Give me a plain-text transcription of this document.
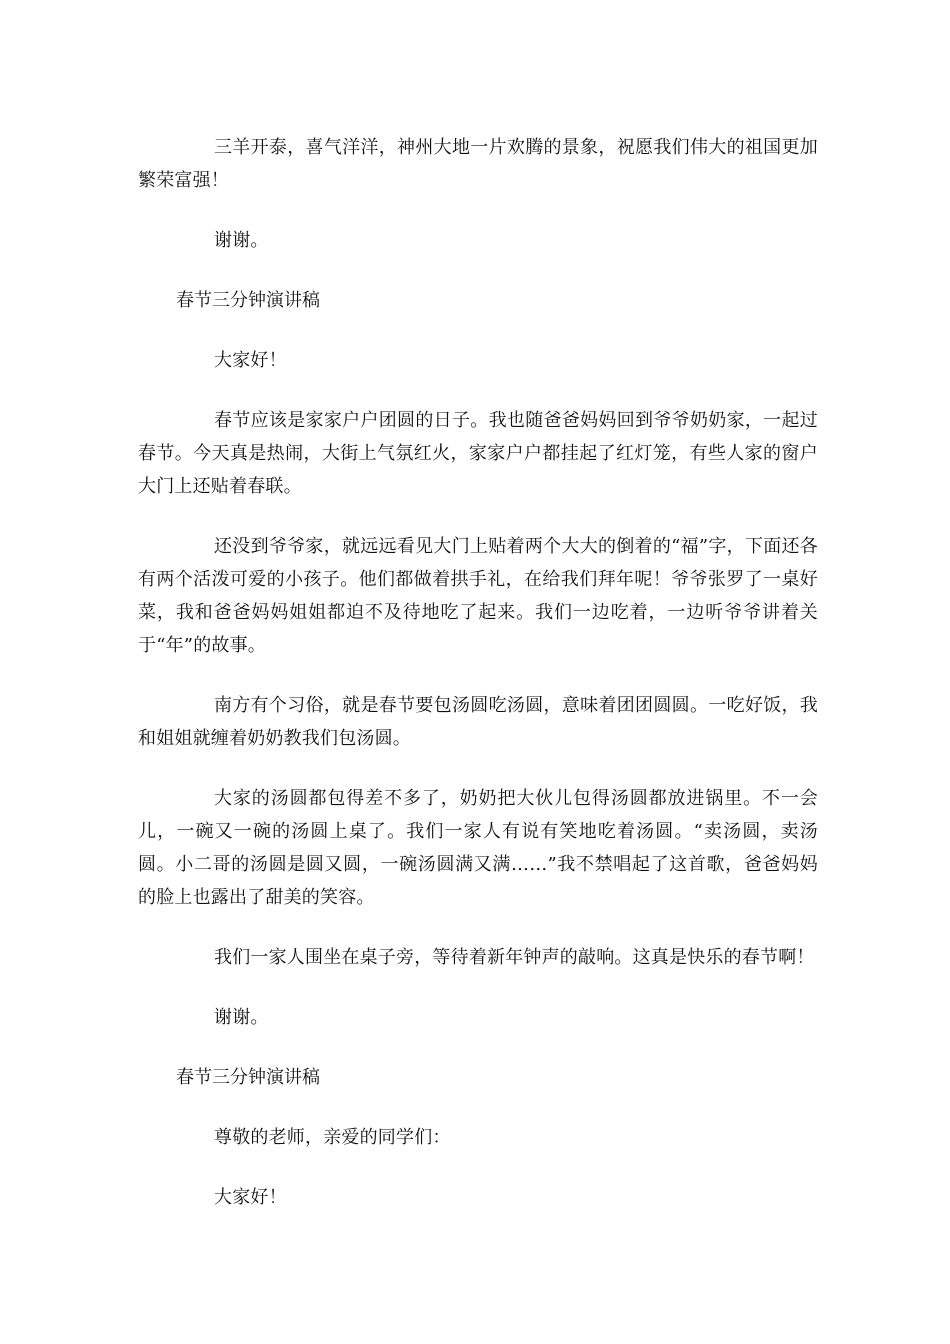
三羊开泰，喜气洋洋，神州大地一片欢腾的景象，祝愿我们伟大的祖国更加繁荣富强！

谢谢。

春节三分钟演讲稿

大家好！

春节应该是家家户户团圆的日子。我也随爸爸妈妈回到爷爷奶奶家，一起过春节。今天真是热闹，大街上气氛红火，家家户户都挂起了红灯笼，有些人家的窗户大门上还贴着春联。

还没到爷爷家，就远远看见大门上贴着两个大大的倒着的“福”字，下面还各有两个活泼可爱的小孩子。他们都做着拱手礼，在给我们拜年呢！爷爷张罗了一桌好菜，我和爸爸妈妈姐姐都迫不及待地吃了起来。我们一边吃着，一边听爷爷讲着关于“年”的故事。

南方有个习俗，就是春节要包汤圆吃汤圆，意味着团团圆圆。一吃好饭，我和姐姐就缠着奶奶教我们包汤圆。

大家的汤圆都包得差不多了，奶奶把大伙儿包得汤圆都放进锅里。不一会儿，一碗又一碗的汤圆上桌了。我们一家人有说有笑地吃着汤圆。“卖汤圆，卖汤圆。小二哥的汤圆是圆又圆，一碗汤圆满又满……”我不禁唱起了这首歌，爸爸妈妈的脸上也露出了甜美的笑容。

我们一家人围坐在桌子旁，等待着新年钟声的敲响。这真是快乐的春节啊！

谢谢。

春节三分钟演讲稿

尊敬的老师，亲爱的同学们：

大家好！
